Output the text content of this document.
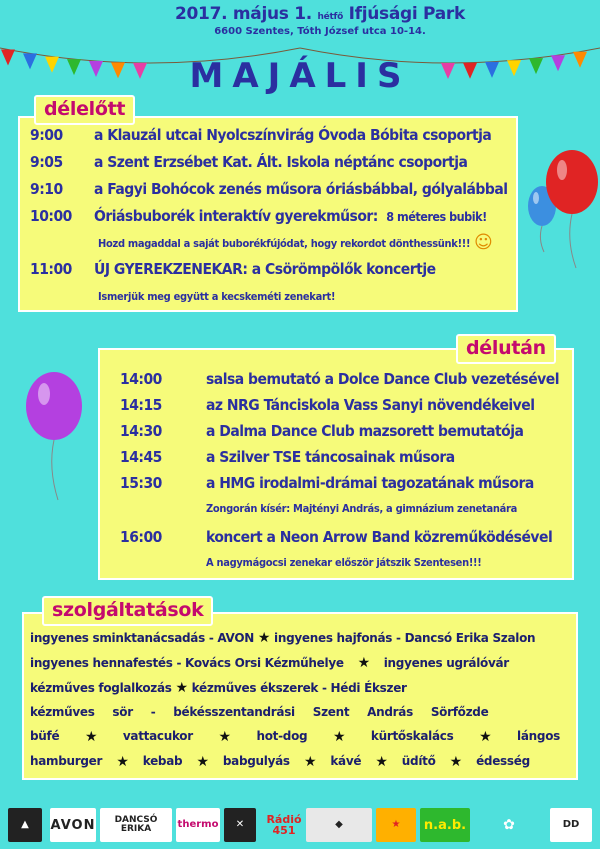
2017. május 1. hétfő Ifjúsági Park
6600 Szentes, Tóth József utca 10-14.
MAJÁLIS
9:00 a Klauzál utcai Nyolcszínvirág Óvoda Bóbita csoportja
9:05 a Szent Erzsébet Kat. Ált. Iskola néptánc csoportja
9:10 a Fagyi Bohócok zenés műsora óriásbábbal, gólyalábbal
10:00 Óriásbuborék interaktív gyerekműsor: 8 méteres bubik!
Hozd magaddal a saját buborékfújódat, hogy rekordot dönthessünk!!!
11:00 ÚJ GYEREKZENEKAR: a Csörömpölők koncertje
Ismerjük meg együtt a kecskeméti zenekart!
délelőtt
☺
14:00	salsa bemutató a Dolce Dance Club vezetésével
14:15	az NRG Tánciskola Vass Sanyi növendékeivel
14:30	a Dalma Dance Club mazsorett bemutatója
14:45	a Szilver TSE táncosainak műsora
15:30	a HMG irodalmi-drámai tagozatának műsora
Zongorán kísér: Majtényi András, a gimnázium zenetanára
16:00	koncert a Neon Arrow Band közreműködésével
A nagymágocsi zenekar először játszik Szentesen!!!
délután
ingyenes sminktanácsadás - AVON ★ ingyenes hajfonás - Dancsó Erika Szalon
ingyenes hennafestés - Kovács Orsi Kézműhelye ★ ingyenes ugrálóvár
kézműves foglalkozás ★ kézműves ékszerek - Hédi Ékszer
kézműves sör - békésszentandrási Szent András Sörfőzde
büfé ★ vattacukor ★ hot-dog ★ kürtőskalács ★ lángos
hamburger ★ kebab ★ babgulyás ★ kávé ★ üdítő ★ édesség
szolgáltatások
▲	AVON	DANCSÓ ERIKA	thermo	✕	Rádió 451	◆	★	n.a.b.	✿	DD
